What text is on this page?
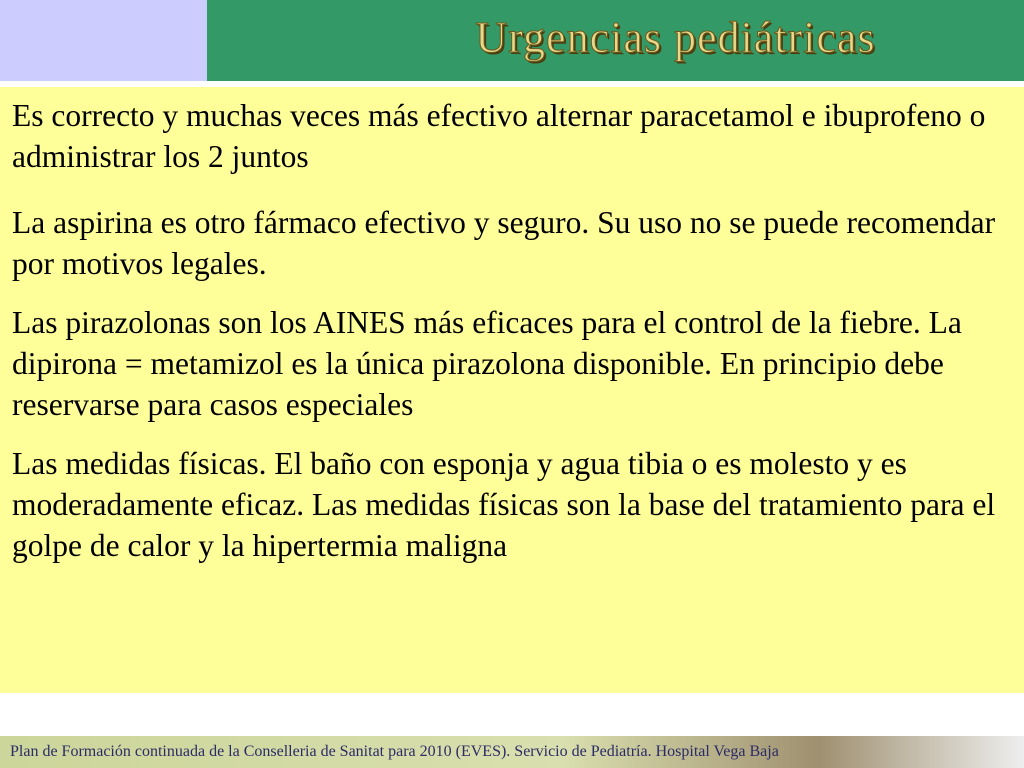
Urgencias pediátricas

Es correcto y muchas veces más efectivo alternar paracetamol e ibuprofeno o administrar los 2 juntos

La aspirina es otro fármaco efectivo y seguro. Su uso no se puede recomendar por motivos legales.

Las pirazolonas son los AINES más eficaces para el control de la fiebre. La dipirona = metamizol es la única pirazolona disponible. En principio debe reservarse para casos especiales

Las medidas físicas. El baño con esponja y agua tibia o es molesto y es moderadamente eficaz. Las medidas físicas son la base del tratamiento para el golpe de calor y la hipertermia maligna

Plan de Formación continuada de la Conselleria de Sanitat para 2010 (EVES). Servicio de Pediatría. Hospital Vega Baja
